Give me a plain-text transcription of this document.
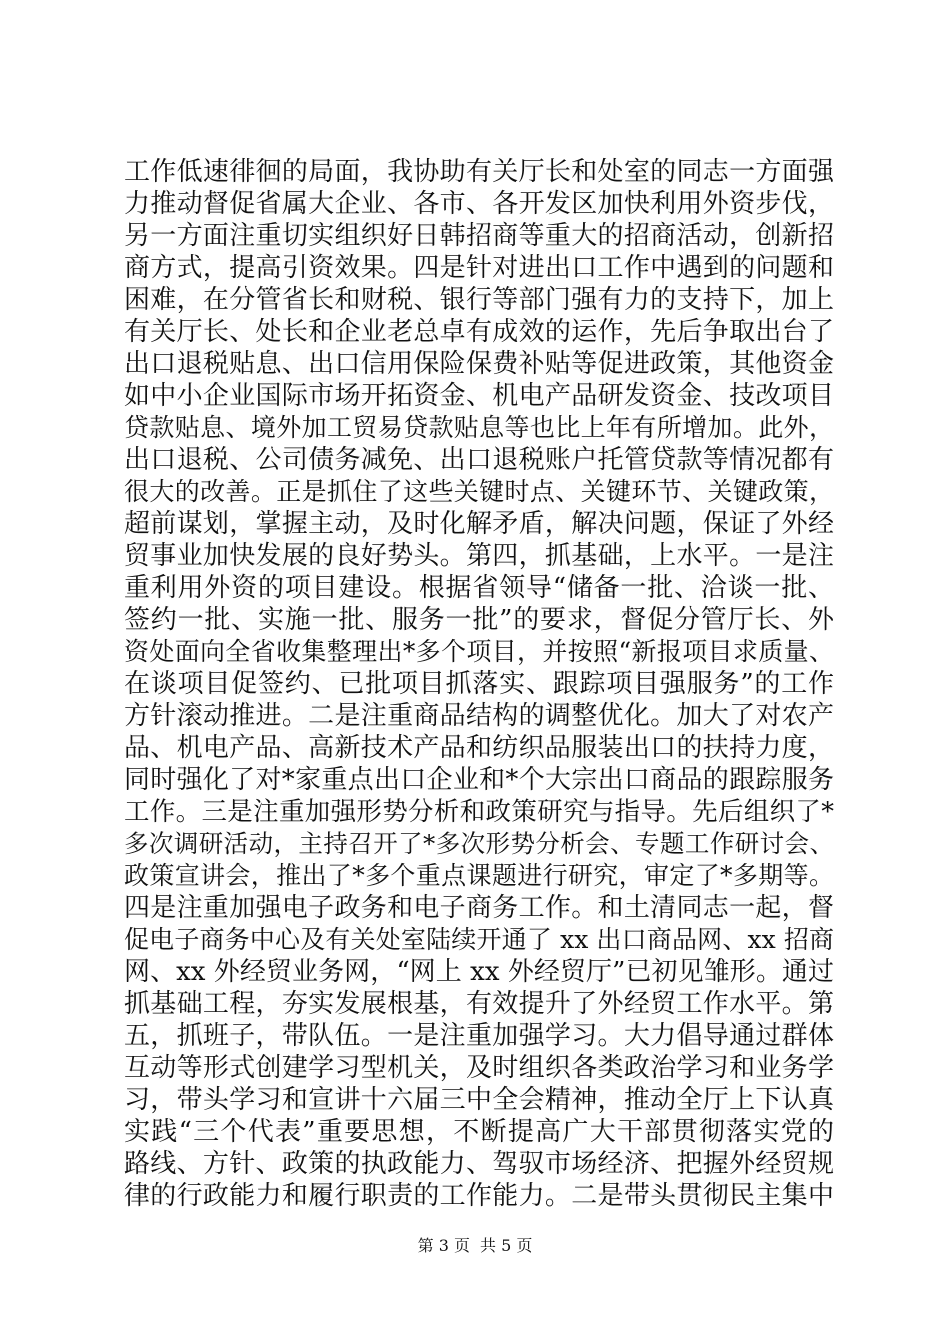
工作低速徘徊的局面，我协助有关厅长和处室的同志一方面强
力推动督促省属大企业、各市、各开发区加快利用外资步伐，
另一方面注重切实组织好日韩招商等重大的招商活动，创新招
商方式，提高引资效果。四是针对进出口工作中遇到的问题和
困难，在分管省长和财税、银行等部门强有力的支持下，加上
有关厅长、处长和企业老总卓有成效的运作，先后争取出台了
出口退税贴息、出口信用保险保费补贴等促进政策，其他资金
如中小企业国际市场开拓资金、机电产品研发资金、技改项目
贷款贴息、境外加工贸易贷款贴息等也比上年有所增加。此外，
出口退税、公司债务减免、出口退税账户托管贷款等情况都有
很大的改善。正是抓住了这些关键时点、关键环节、关键政策，
超前谋划，掌握主动，及时化解矛盾，解决问题，保证了外经
贸事业加快发展的良好势头。第四，抓基础，上水平。一是注
重利用外资的项目建设。根据省领导“储备一批、洽谈一批、
签约一批、实施一批、服务一批”的要求，督促分管厅长、外
资处面向全省收集整理出*多个项目，并按照“新报项目求质量、
在谈项目促签约、已批项目抓落实、跟踪项目强服务”的工作
方针滚动推进。二是注重商品结构的调整优化。加大了对农产
品、机电产品、高新技术产品和纺织品服装出口的扶持力度，
同时强化了对*家重点出口企业和*个大宗出口商品的跟踪服务
工作。三是注重加强形势分析和政策研究与指导。先后组织了*
多次调研活动，主持召开了*多次形势分析会、专题工作研讨会、
政策宣讲会，推出了*多个重点课题进行研究，审定了*多期等。
四是注重加强电子政务和电子商务工作。和土清同志一起，督
促电子商务中心及有关处室陆续开通了 xx 出口商品网、xx 招商
网、xx 外经贸业务网，“网上 xx 外经贸厅”已初见雏形。通过
抓基础工程，夯实发展根基，有效提升了外经贸工作水平。第
五，抓班子，带队伍。一是注重加强学习。大力倡导通过群体
互动等形式创建学习型机关，及时组织各类政治学习和业务学
习，带头学习和宣讲十六届三中全会精神，推动全厅上下认真
实践“三个代表”重要思想，不断提高广大干部贯彻落实党的
路线、方针、政策的执政能力、驾驭市场经济、把握外经贸规
律的行政能力和履行职责的工作能力。二是带头贯彻民主集中
第 3 页 共 5 页
